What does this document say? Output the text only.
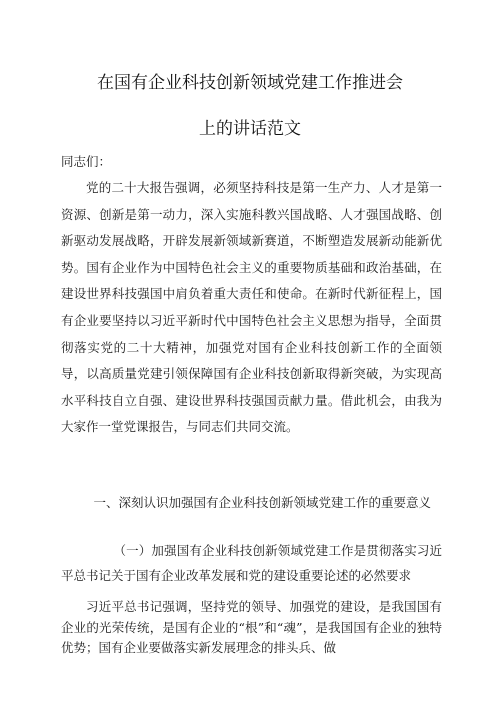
在国有企业科技创新领域党建工作推进会
上的讲话范文
同志们：
党的二十大报告强调，必须坚持科技是第一生产力、人才是第一资源、创新是第一动力，深入实施科教兴国战略、人才强国战略、创新驱动发展战略，开辟发展新领域新赛道，不断塑造发展新动能新优势。国有企业作为中国特色社会主义的重要物质基础和政治基础，在建设世界科技强国中肩负着重大责任和使命。在新时代新征程上，国有企业要坚持以习近平新时代中国特色社会主义思想为指导，全面贯彻落实党的二十大精神，加强党对国有企业科技创新工作的全面领导，以高质量党建引领保障国有企业科技创新取得新突破，为实现高水平科技自立自强、建设世界科技强国贡献力量。借此机会，由我为大家作一堂党课报告，与同志们共同交流。
一、深刻认识加强国有企业科技创新领域党建工作的重要意义
（一）加强国有企业科技创新领域党建工作是贯彻落实习近平总书记关于国有企业改革发展和党的建设重要论述的必然要求
习近平总书记强调，坚持党的领导、加强党的建设，是我国国有企业的光荣传统，是国有企业的“根”和“魂”，是我国国有企业的独特优势；国有企业要做落实新发展理念的排头兵、做
